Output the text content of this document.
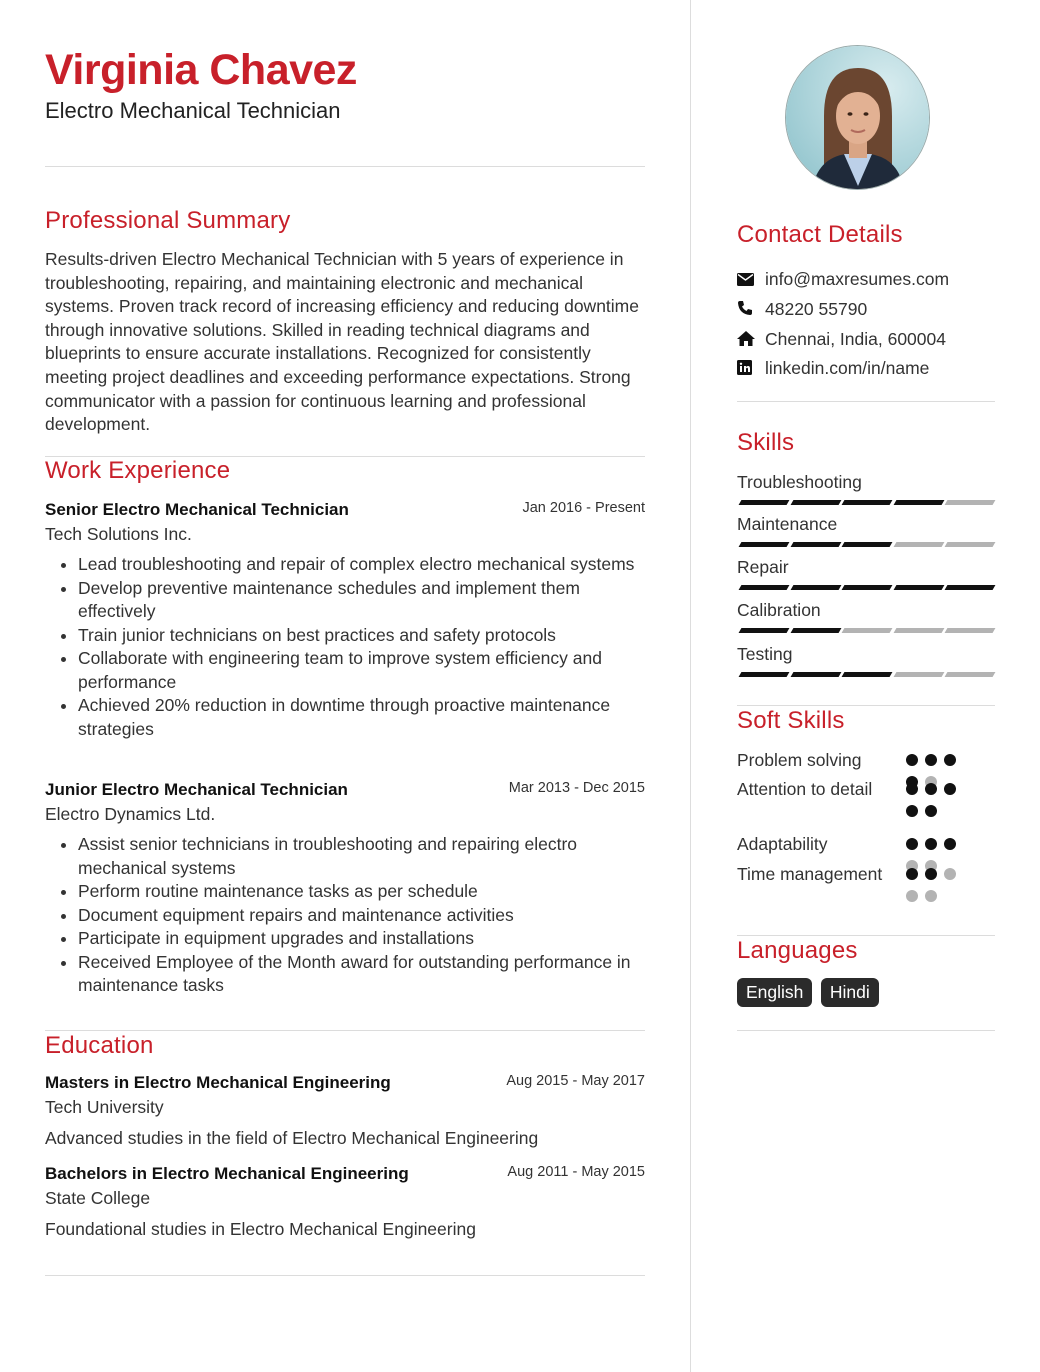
Virginia Chavez
Electro Mechanical Technician
Professional Summary
Results-driven Electro Mechanical Technician with 5 years of experience in troubleshooting, repairing, and maintaining electronic and mechanical systems. Proven track record of increasing efficiency and reducing downtime through innovative solutions. Skilled in reading technical diagrams and blueprints to ensure accurate installations. Recognized for consistently meeting project deadlines and exceeding performance expectations. Strong communicator with a passion for continuous learning and professional development.
Work Experience
Senior Electro Mechanical Technician	Jan 2016 - Present
Tech Solutions Inc.
• Lead troubleshooting and repair of complex electro mechanical systems
• Develop preventive maintenance schedules and implement them effectively
• Train junior technicians on best practices and safety protocols
• Collaborate with engineering team to improve system efficiency and performance
• Achieved 20% reduction in downtime through proactive maintenance strategies
Junior Electro Mechanical Technician	Mar 2013 - Dec 2015
Electro Dynamics Ltd.
• Assist senior technicians in troubleshooting and repairing electro mechanical systems
• Perform routine maintenance tasks as per schedule
• Document equipment repairs and maintenance activities
• Participate in equipment upgrades and installations
• Received Employee of the Month award for outstanding performance in maintenance tasks
Education
Masters in Electro Mechanical Engineering	Aug 2015 - May 2017
Tech University
Advanced studies in the field of Electro Mechanical Engineering
Bachelors in Electro Mechanical Engineering	Aug 2011 - May 2015
State College
Foundational studies in Electro Mechanical Engineering
Contact Details
info@maxresumes.com
48220 55790
Chennai, India, 600004
linkedin.com/in/name
Skills
Troubleshooting
Maintenance
Repair
Calibration
Testing
Soft Skills
Problem solving
Attention to detail
Adaptability
Time management
Languages
English Hindi
